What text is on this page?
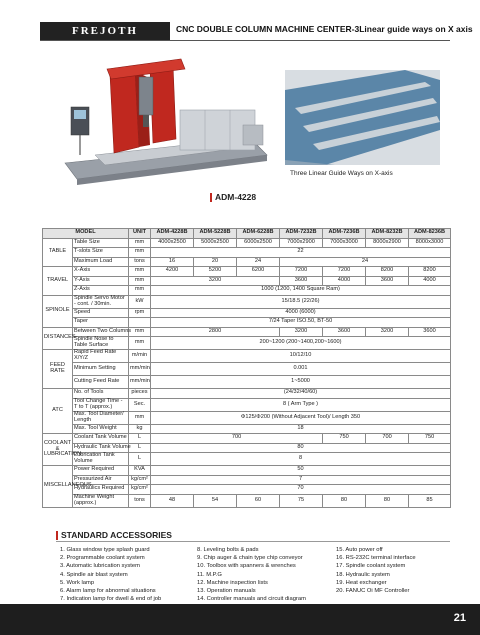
FREJOTH	CNC DOUBLE COLUMN MACHINE CENTER-3Linear guide ways on X axis
Three Linear Guide Ways on X-axis
ADM-4228
MODEL		UNIT	ADM-4228B	ADM-5228B	ADM-6228B	ADM-7232B	ADM-7236B	ADM-8232B	ADM-8236B
TABLE	Table Size	mm	4000x2500	5000x2500	6000x2500	7000x2900	7000x3000	8000x2900	8000x3000
	T-slots Size	mm	22						
	Maximum Load	tons	16	20	24	24			
TRAVEL	X-Axis	mm	4200	5200	6200	7200	7200	8200	8200
	Y-Axis	mm	3200			3600	4000	3600	4000
	Z-Axis	mm	1000 (1200, 1400 Square Ram)						
SPINOLE	Spindle Servo Motor - cont. / 30min.	kW	15/18.5 (22/26)						
	Speed	rpm	4000 (6000)						
	Taper		7/24 Taper ISO.50, BT-50						
DISTANCES	Between Two Columns	mm	2800			3200	3600	3200	3600
	Spindle Nose to Table Surface	mm	200~1200 (200~1400,200~1600)						
FEED RATE	Rapid Feed Rate X/Y/Z	m/min	10/12/10						
	Minimum Setting	mm/min	0.001						
	Cutting Feed Rate	mm/min	1~5000						
ATC	No. of Tools	pieces	(24/32/40/60)						
	Tool Change Time - T to T (approx.)	Sec.	8 ( Arm Type )						
	Max. Tool Diameter/ Length	mm	Φ125/Φ200 (Without Adjacent Tool)/ Length 350						
	Max. Tool Weight	kg	18						
COOLANT & LUBRICATION	Coolant Tank Volume	L	700				750	700	750
	Hydraulic Tank Volume	L	80						
	Lubrication Tank Volume	L	8						
MISCELLANEOUS	Power Required	KVA	50						
	Pressurized Air	kg/cm²	7						
	Hydraulics Required	kg/cm²	70						
	Machine Weight (approx.)	tons	48	54	60	75	80	80	85
STANDARD ACCESSORIES
1. Glass window type splash guard
2. Programmable coolant system
3. Automatic lubrication system
4. Spindle air blast system
5. Work lamp
6. Alarm lamp for abnormal situations
7. Indication lamp for dwell & end of job
8. Leveling bolts & pads
9. Chip auger & chain type chip conveyor
10. Toolbox with spanners & wrenches
11. M.P.G
12. Machine inspection lists
13. Operation manuals
14. Controller manuals and circuit diagram
15. Auto power off
16. RS-232C terminal interface
17. Spindle coolant system
18. Hydraulic system
19. Heat exchanger
20. FANUC Oi MF Controller
21
